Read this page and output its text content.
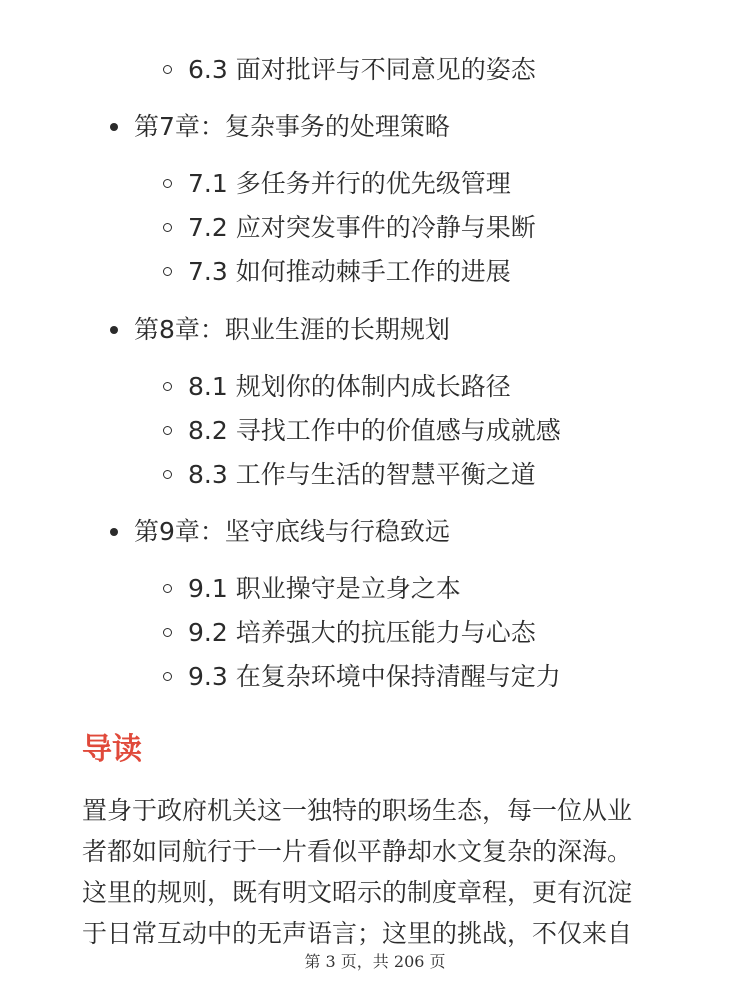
6.3 面对批评与不同意见的姿态
第7章：复杂事务的处理策略
7.1 多任务并行的优先级管理
7.2 应对突发事件的冷静与果断
7.3 如何推动棘手工作的进展
第8章：职业生涯的长期规划
8.1 规划你的体制内成长路径
8.2 寻找工作中的价值感与成就感
8.3 工作与生活的智慧平衡之道
第9章：坚守底线与行稳致远
9.1 职业操守是立身之本
9.2 培养强大的抗压能力与心态
9.3 在复杂环境中保持清醒与定力
导读
置身于政府机关这一独特的职场生态，每一位从业
者都如同航行于一片看似平静却水文复杂的深海。
这里的规则，既有明文昭示的制度章程，更有沉淀
于日常互动中的无声语言；这里的挑战，不仅来自
第 3 页，共 206 页
